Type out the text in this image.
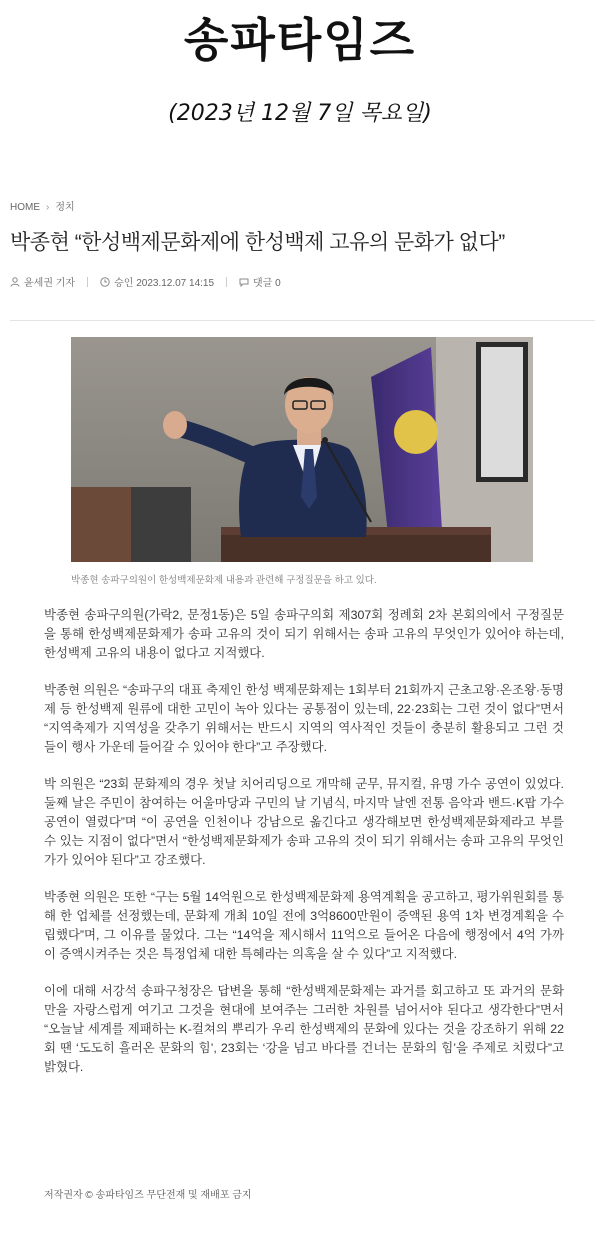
송파타임즈
(2023년 12월 7일 목요일)
HOME › 정치
박종현 “한성백제문화제에 한성백제 고유의 문화가 없다”
윤세권 기자	승인 2023.12.07 14:15	댓글 0
박종현 송파구의원이 한성백제문화제 내용과 관련해 구정질문을 하고 있다.

박종현 송파구의원(가락2, 문정1동)은 5일 송파구의회 제307회 정례회 2차 본회의에서 구정질문을 통해 한성백제문화제가 송파 고유의 것이 되기 위해서는 송파 고유의 무엇인가 있어야 하는데, 한성백제 고유의 내용이 없다고 지적했다.

박종현 의원은 “송파구의 대표 축제인 한성 백제문화제는 1회부터 21회까지 근초고왕·온조왕·동명제 등 한성백제 원류에 대한 고민이 녹아 있다는 공통점이 있는데, 22·23회는 그런 것이 없다”면서 “지역축제가 지역성을 갖추기 위해서는 반드시 지역의 역사적인 것들이 충분히 활용되고 그런 것들이 행사 가운데 들어갈 수 있어야 한다”고 주장했다.

박 의원은 “23회 문화제의 경우 첫날 치어리딩으로 개막해 군무, 뮤지컬, 유명 가수 공연이 있었다. 둘째 날은 주민이 참여하는 어울마당과 구민의 날 기념식, 마지막 날엔 전통 음악과 밴드·K팝 가수 공연이 열렸다”며 “이 공연을 인천이나 강남으로 옮긴다고 생각해보면 한성백제문화제라고 부를 수 있는 지점이 없다”면서 “한성백제문화제가 송파 고유의 것이 되기 위해서는 송파 고유의 무엇인가가 있어야 된다”고 강조했다.

박종현 의원은 또한 “구는 5월 14억원으로 한성백제문화제 용역계획을 공고하고, 평가위원회를 통해 한 업체를 선정했는데, 문화제 개최 10일 전에 3억8600만원이 증액된 용역 1차 변경계획을 수립했다”며, 그 이유를 물었다. 그는 “14억을 제시해서 11억으로 들어온 다음에 행정에서 4억 가까이 증액시켜주는 것은 특정업체 대한 특혜라는 의혹을 살 수 있다”고 지적했다.

이에 대해 서강석 송파구청장은 답변을 통해 “한성백제문화제는 과거를 회고하고 또 과거의 문화만을 자랑스럽게 여기고 그것을 현대에 보여주는 그러한 차원를 넘어서야 된다고 생각한다”면서 “오늘날 세계를 제패하는 K-컬쳐의 뿌리가 우리 한성백제의 문화에 있다는 것을 강조하기 위해 22회 땐 ‘도도히 흘러온 문화의 힘’, 23회는 ‘강을 넘고 바다를 건너는 문화의 힘’을 주제로 치렀다”고 밝혔다.

저작권자 © 송파타임즈 무단전재 및 재배포 금지
